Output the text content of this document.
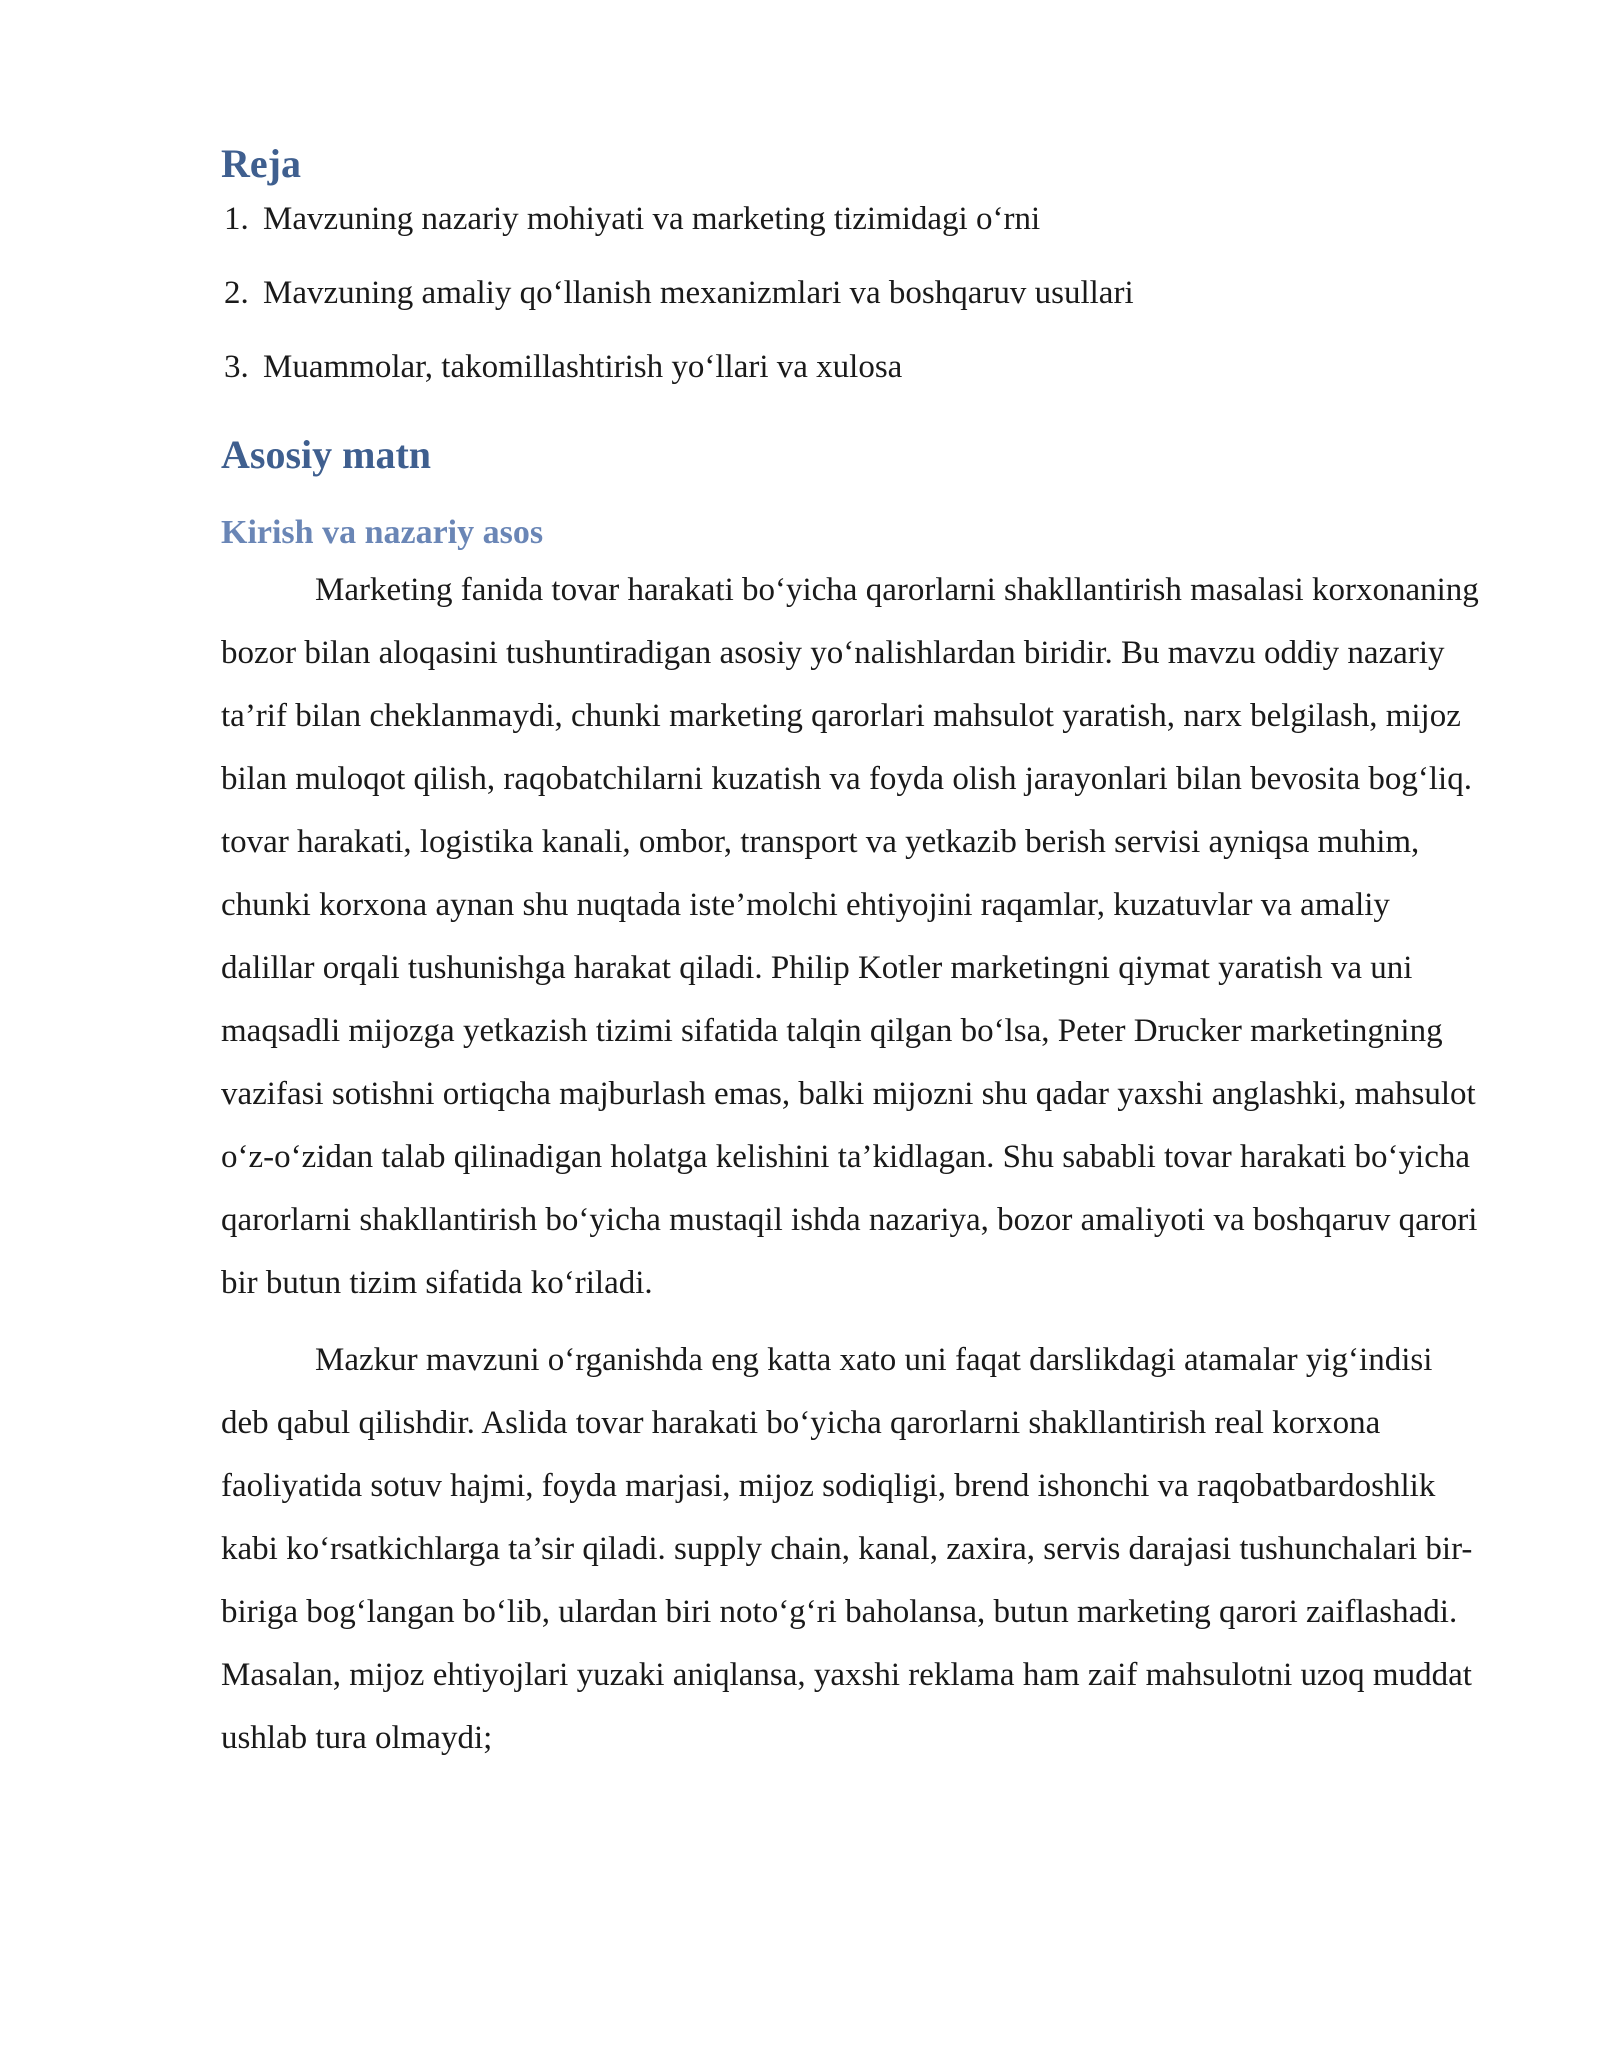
Reja
1. Mavzuning nazariy mohiyati va marketing tizimidagi o‘rni
2. Mavzuning amaliy qo‘llanish mexanizmlari va boshqaruv usullari
3. Muammolar, takomillashtirish yo‘llari va xulosa
Asosiy matn
Kirish va nazariy asos

Marketing fanida tovar harakati bo‘yicha qarorlarni shakllantirish masalasi korxonaning bozor bilan aloqasini tushuntiradigan asosiy yo‘nalishlardan biridir. Bu mavzu oddiy nazariy ta’rif bilan cheklanmaydi, chunki marketing qarorlari mahsulot yaratish, narx belgilash, mijoz bilan muloqot qilish, raqobatchilarni kuzatish va foyda olish jarayonlari bilan bevosita bog‘liq. tovar harakati, logistika kanali, ombor, transport va yetkazib berish servisi ayniqsa muhim, chunki korxona aynan shu nuqtada iste’molchi ehtiyojini raqamlar, kuzatuvlar va amaliy dalillar orqali tushunishga harakat qiladi. Philip Kotler marketingni qiymat yaratish va uni maqsadli mijozga yetkazish tizimi sifatida talqin qilgan bo‘lsa, Peter Drucker marketingning vazifasi sotishni ortiqcha majburlash emas, balki mijozni shu qadar yaxshi anglashki, mahsulot o‘z-o‘zidan talab qilinadigan holatga kelishini ta’kidlagan. Shu sababli tovar harakati bo‘yicha qarorlarni shakllantirish bo‘yicha mustaqil ishda nazariya, bozor amaliyoti va boshqaruv qarori bir butun tizim sifatida ko‘riladi.

Mazkur mavzuni o‘rganishda eng katta xato uni faqat darslikdagi atamalar yig‘indisi deb qabul qilishdir. Aslida tovar harakati bo‘yicha qarorlarni shakllantirish real korxona faoliyatida sotuv hajmi, foyda marjasi, mijoz sodiqligi, brend ishonchi va raqobatbardoshlik kabi ko‘rsatkichlarga ta’sir qiladi. supply chain, kanal, zaxira, servis darajasi tushunchalari bir-biriga bog‘langan bo‘lib, ulardan biri noto‘g‘ri baholansa, butun marketing qarori zaiflashadi. Masalan, mijoz ehtiyojlari yuzaki aniqlansa, yaxshi reklama ham zaif mahsulotni uzoq muddat ushlab tura olmaydi;
